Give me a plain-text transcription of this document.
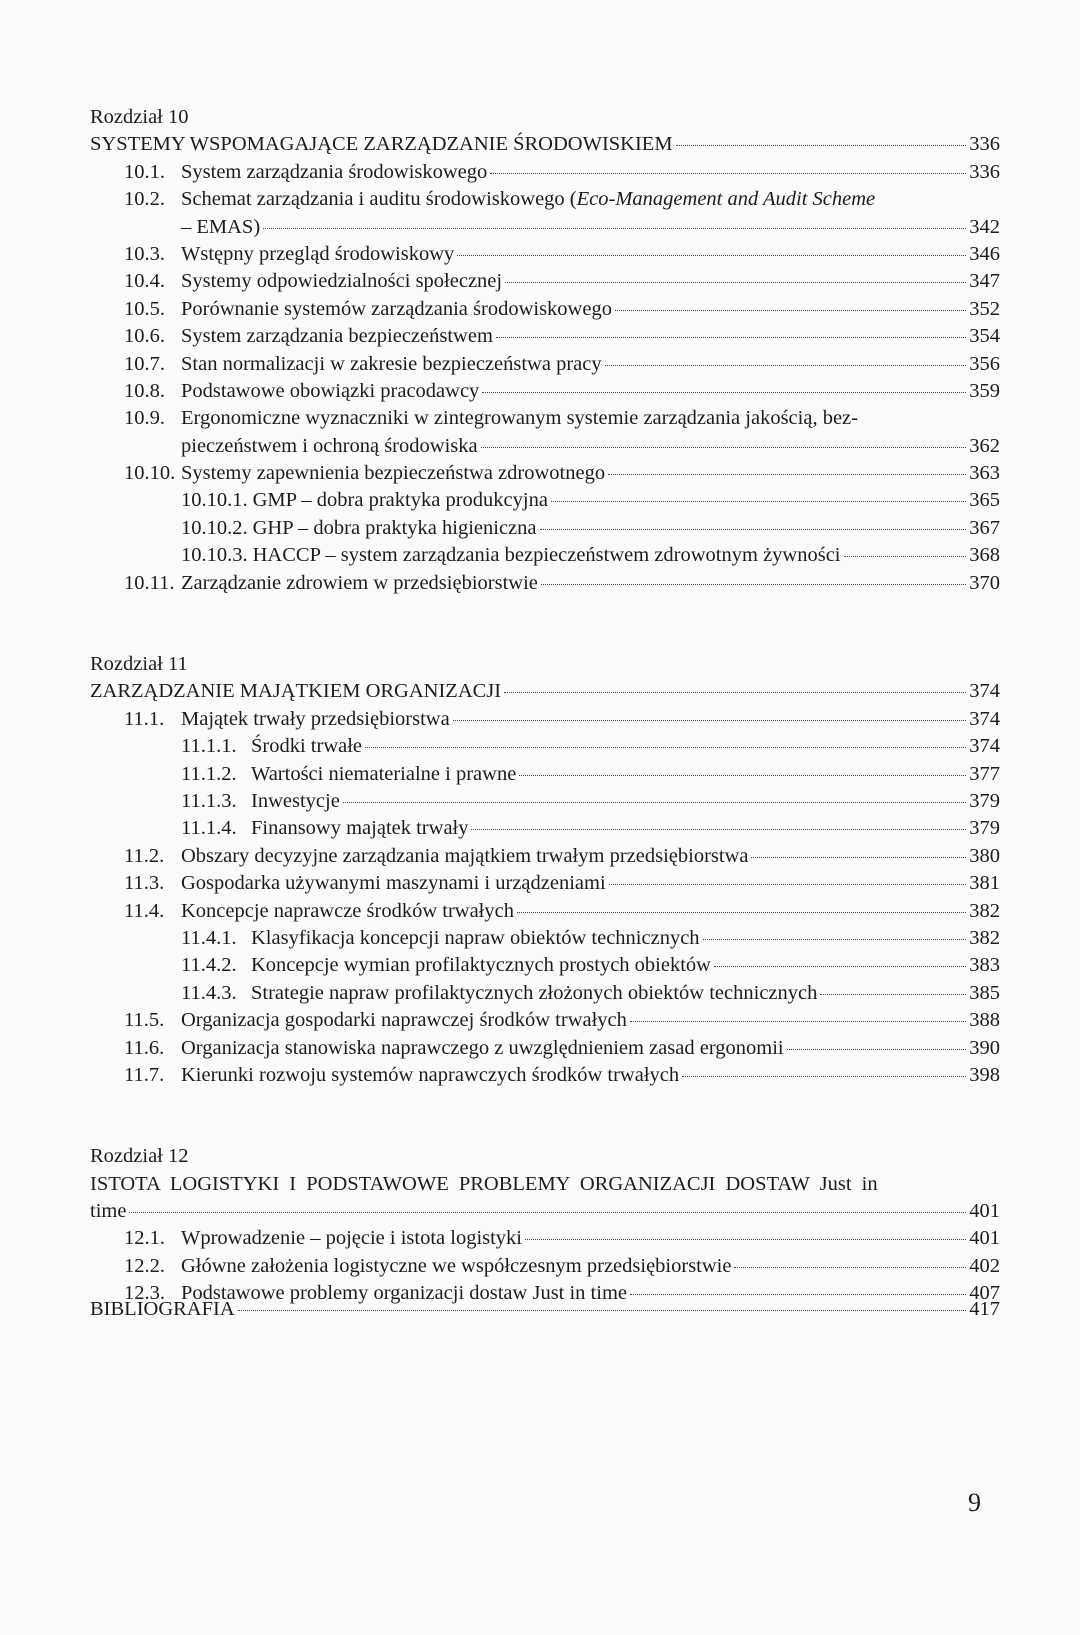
Rozdział 10
SYSTEMY WSPOMAGAJĄCE ZARZĄDZANIE ŚRODOWISKIEM	336
10.1. System zarządzania środowiskowego	336
10.2. Schemat zarządzania i auditu środowiskowego (Eco-Management and Audit Scheme
– EMAS)	342
10.3. Wstępny przegląd środowiskowy	346
10.4. Systemy odpowiedzialności społecznej	347
10.5. Porównanie systemów zarządzania środowiskowego	352
10.6. System zarządzania bezpieczeństwem	354
10.7. Stan normalizacji w zakresie bezpieczeństwa pracy	356
10.8. Podstawowe obowiązki pracodawcy	359
10.9. Ergonomiczne wyznaczniki w zintegrowanym systemie zarządzania jakością, bez-
pieczeństwem i ochroną środowiska	362
10.10. Systemy zapewnienia bezpieczeństwa zdrowotnego	363
10.10.1. GMP – dobra praktyka produkcyjna	365
10.10.2. GHP – dobra praktyka higieniczna	367
10.10.3. HACCP – system zarządzania bezpieczeństwem zdrowotnym żywności	368
10.11. Zarządzanie zdrowiem w przedsiębiorstwie	370
Rozdział 11
ZARZĄDZANIE MAJĄTKIEM ORGANIZACJI	374
11.1. Majątek trwały przedsiębiorstwa	374
11.1.1. Środki trwałe	374
11.1.2. Wartości niematerialne i prawne	377
11.1.3. Inwestycje	379
11.1.4. Finansowy majątek trwały	379
11.2. Obszary decyzyjne zarządzania majątkiem trwałym przedsiębiorstwa	380
11.3. Gospodarka używanymi maszynami i urządzeniami	381
11.4. Koncepcje naprawcze środków trwałych	382
11.4.1. Klasyfikacja koncepcji napraw obiektów technicznych	382
11.4.2. Koncepcje wymian profilaktycznych prostych obiektów	383
11.4.3. Strategie napraw profilaktycznych złożonych obiektów technicznych	385
11.5. Organizacja gospodarki naprawczej środków trwałych	388
11.6. Organizacja stanowiska naprawczego z uwzględnieniem zasad ergonomii	390
11.7. Kierunki rozwoju systemów naprawczych środków trwałych	398
Rozdział 12
ISTOTA LOGISTYKI I PODSTAWOWE PROBLEMY ORGANIZACJI DOSTAW Just in
time	401
12.1. Wprowadzenie – pojęcie i istota logistyki	401
12.2. Główne założenia logistyczne we współczesnym przedsiębiorstwie	402
12.3. Podstawowe problemy organizacji dostaw Just in time	407
BIBLIOGRAFIA	417
9
